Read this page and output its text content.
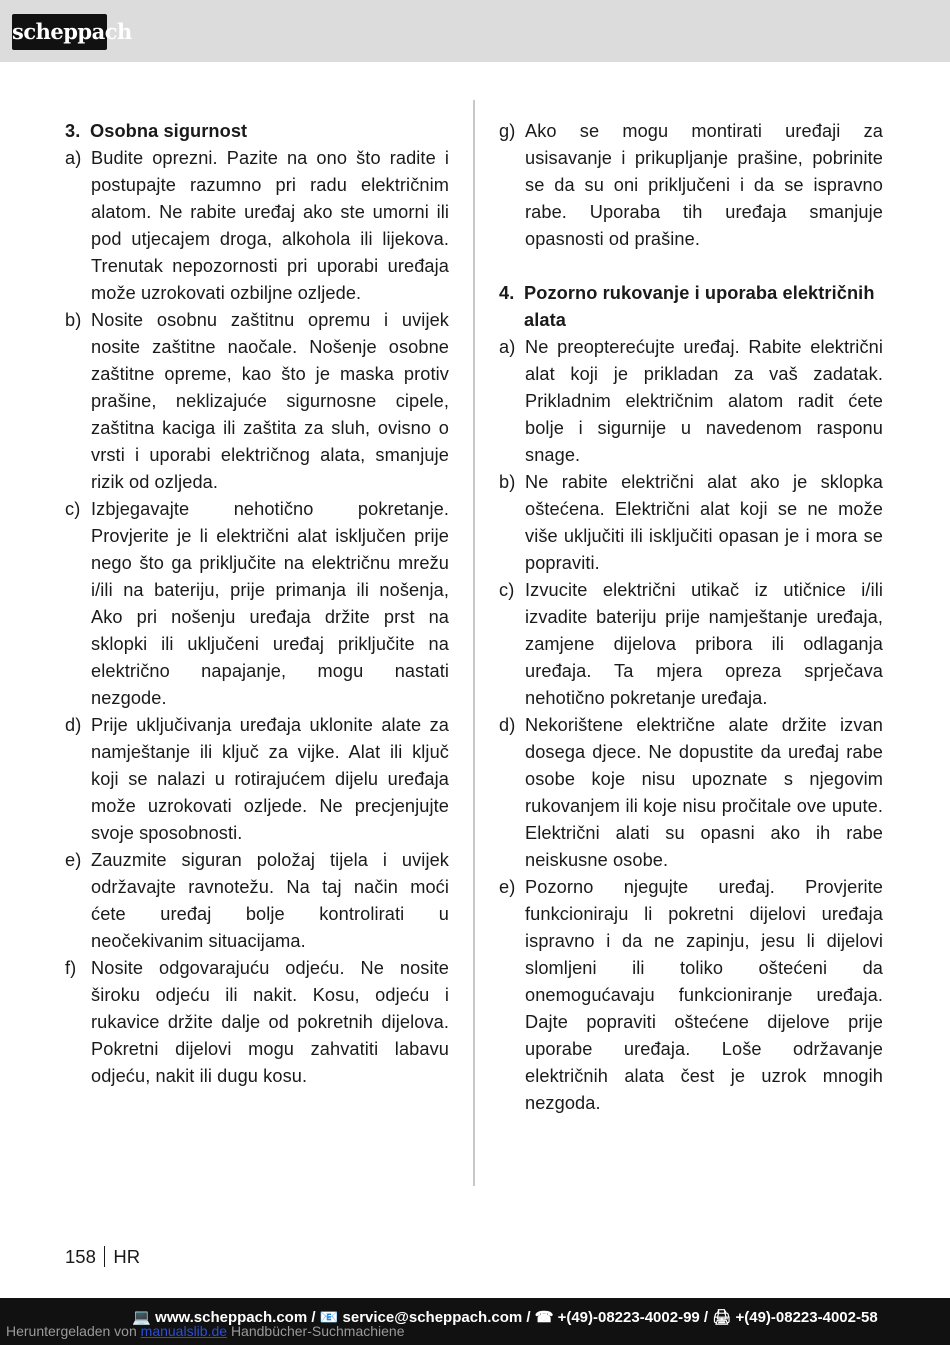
scheppach
3. Osobna sigurnost
a) Budite oprezni. Pazite na ono što radite i postupajte razumno pri radu električnim alatom. Ne rabite uređaj ako ste umorni ili pod utjecajem droga, alkohola ili lijekova. Trenutak nepozornosti pri uporabi uređaja može uzrokovati ozbiljne ozljede.
b) Nosite osobnu zaštitnu opremu i uvijek nosite zaštitne naočale. Nošenje osobne zaštitne opreme, kao što je maska protiv prašine, neklizajuće sigurnosne cipele, zaštitna kaciga ili zaštita za sluh, ovisno o vrsti i uporabi električnog alata, smanjuje rizik od ozljeda.
c) Izbjegavajte nehotično pokretanje. Provjerite je li električni alat isključen prije nego što ga priključite na električnu mrežu i/ili na bateriju, prije primanja ili nošenja, Ako pri nošenju uređaja držite prst na sklopki ili uključeni uređaj priključite na električno napajanje, mogu nastati nezgode.
d) Prije uključivanja uređaja uklonite alate za namještanje ili ključ za vijke. Alat ili ključ koji se nalazi u rotirajućem dijelu uređaja može uzrokovati ozljede. Ne precjenjujte svoje sposobnosti.
e) Zauzmite siguran položaj tijela i uvijek održavajte ravnotežu. Na taj način moći ćete uređaj bolje kontrolirati u neočekivanim situacijama.
f) Nosite odgovarajuću odjeću. Ne nosite široku odjeću ili nakit. Kosu, odjeću i rukavice držite dalje od pokretnih dijelova. Pokretni dijelovi mogu zahvatiti labavu odjeću, nakit ili dugu kosu.
g) Ako se mogu montirati uređaji za usisavanje i prikupljanje prašine, pobrinite se da su oni priključeni i da se ispravno rabe. Uporaba tih uređaja smanjuje opasnosti od prašine.
4. Pozorno rukovanje i uporaba električnih alata
a) Ne preopterećujte uređaj. Rabite električni alat koji je prikladan za vaš zadatak. Prikladnim električnim alatom radit ćete bolje i sigurnije u navedenom rasponu snage.
b) Ne rabite električni alat ako je sklopka oštećena. Električni alat koji se ne može više uključiti ili isključiti opasan je i mora se popraviti.
c) Izvucite električni utikač iz utičnice i/ili izvadite bateriju prije namještanje uređaja, zamjene dijelova pribora ili odlaganja uređaja. Ta mjera opreza sprječava nehotično pokretanje uređaja.
d) Nekorištene električne alate držite izvan dosega djece. Ne dopustite da uređaj rabe osobe koje nisu upoznate s njegovim rukovanjem ili koje nisu pročitale ove upute. Električni alati su opasni ako ih rabe neiskusne osobe.
e) Pozorno njegujte uređaj. Provjerite funkcioniraju li pokretni dijelovi uređaja ispravno i da ne zapinju, jesu li dijelovi slomljeni ili toliko oštećeni da onemogućavaju funkcioniranje uređaja. Dajte popraviti oštećene dijelove prije uporabe uređaja. Loše održavanje električnih alata čest je uzrok mnogih nezgoda.
158 HR
💻 www.scheppach.com / 📧 service@scheppach.com / ☎ +(49)-08223-4002-99 / 🖨 +(49)-08223-4002-58
Heruntergeladen von manualslib.de Handbücher-Suchmachiene
